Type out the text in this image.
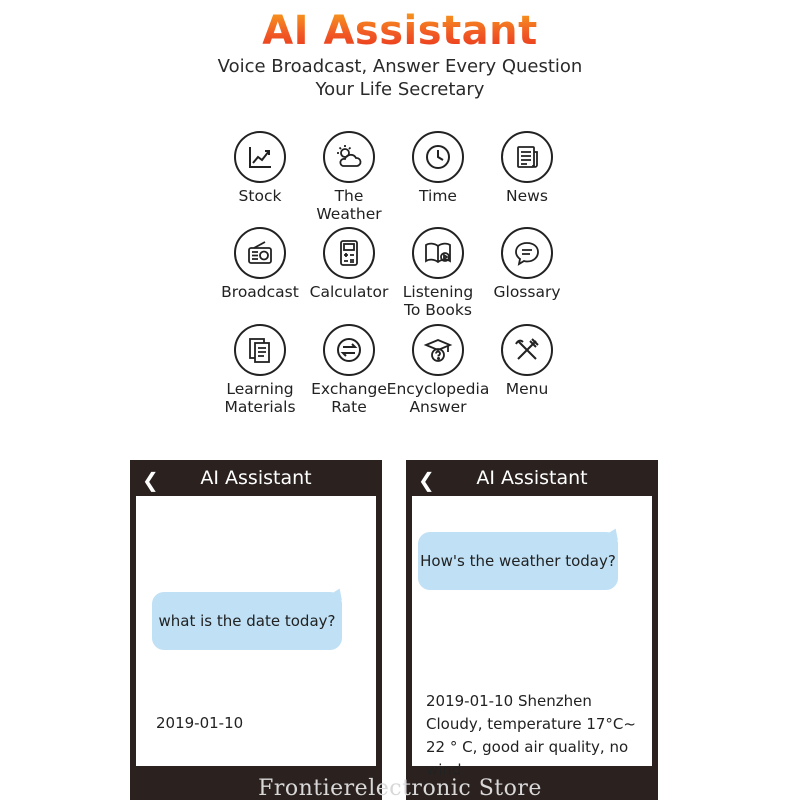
AI Assistant
Voice Broadcast, Answer Every Question
Your Life Secretary
Stock	The
Weather
Time	News
Broadcast Calculator Listening
To Books
Glossary
Learning
Materials
Exchange
Rate
Encyclopedia
Answer
Menu
❮ AI Assistant
what is the date today?
2019-01-10
❮ AI Assistant
How's the weather today?
2019-01-10 Shenzhen
Cloudy, temperature 17°C~
22 ° C, good air quality, no wind
Frontierelectronic Store
